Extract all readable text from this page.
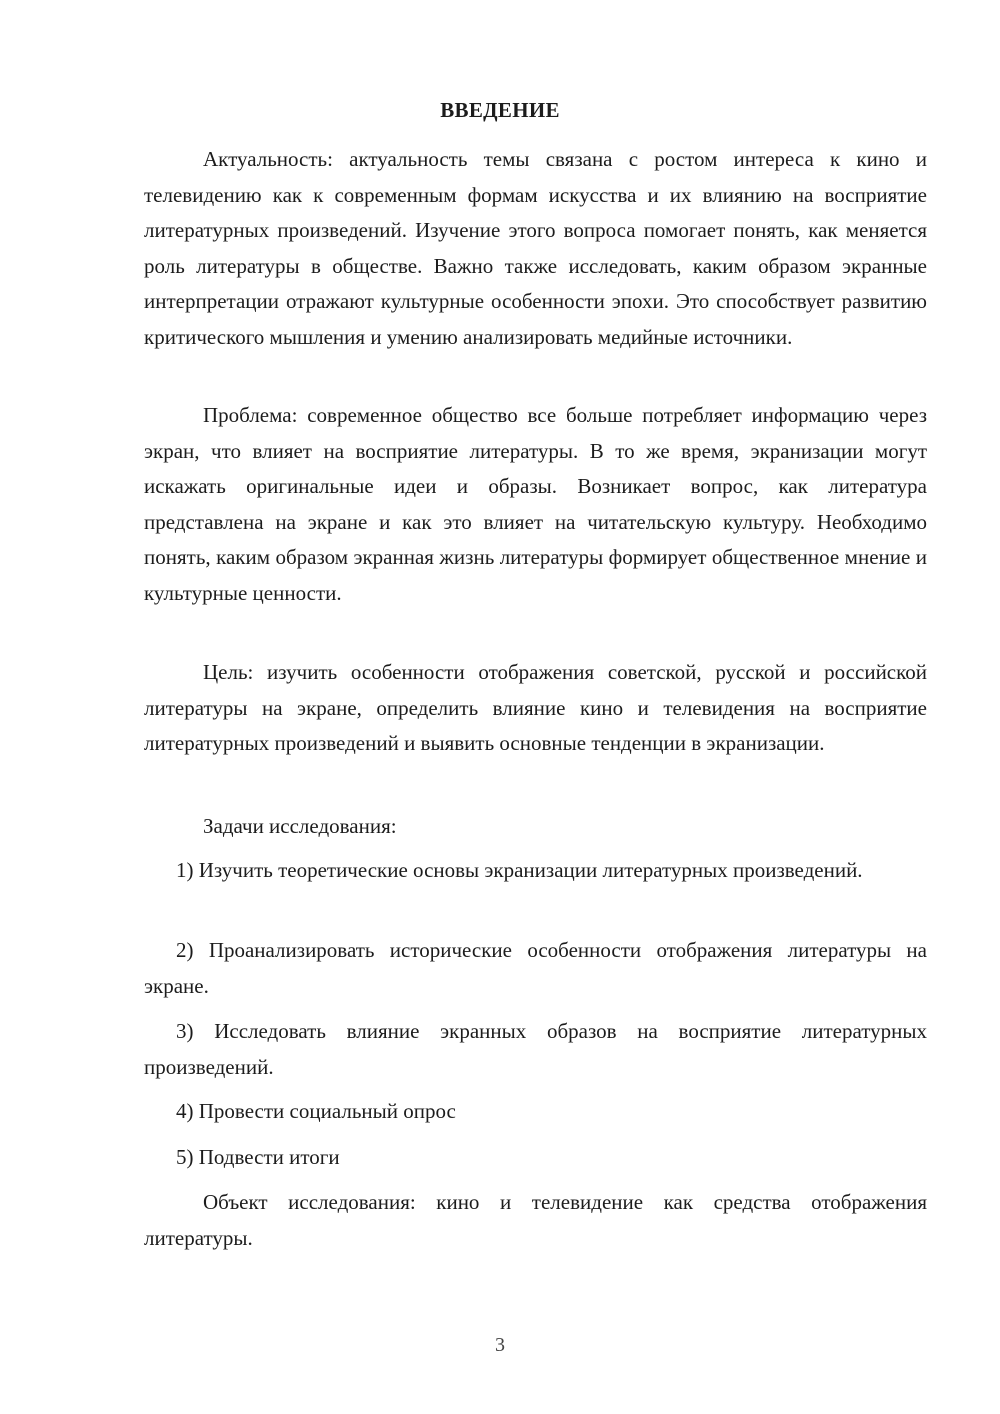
ВВЕДЕНИЕ

Актуальность: актуальность темы связана с ростом интереса к кино и телевидению как к современным формам искусства и их влиянию на восприятие литературных произведений. Изучение этого вопроса помогает понять, как меняется роль литературы в обществе. Важно также исследовать, каким образом экранные интерпретации отражают культурные особенности эпохи. Это способствует развитию критического мышления и умению анализировать медийные источники.

Проблема: современное общество все больше потребляет информацию через экран, что влияет на восприятие литературы. В то же время, экранизации могут искажать оригинальные идеи и образы. Возникает вопрос, как литература представлена на экране и как это влияет на читательскую культуру. Необходимо понять, каким образом экранная жизнь литературы формирует общественное мнение и культурные ценности.

Цель: изучить особенности отображения советской, русской и российской литературы на экране, определить влияние кино и телевидения на восприятие литературных произведений и выявить основные тенденции в экранизации.

Задачи исследования:

1) Изучить теоретические основы экранизации литературных произведений.

2) Проанализировать исторические особенности отображения литературы на экране.

3) Исследовать влияние экранных образов на восприятие литературных произведений.

4) Провести социальный опрос

5) Подвести итоги

Объект исследования: кино и телевидение как средства отображения литературы.

3
